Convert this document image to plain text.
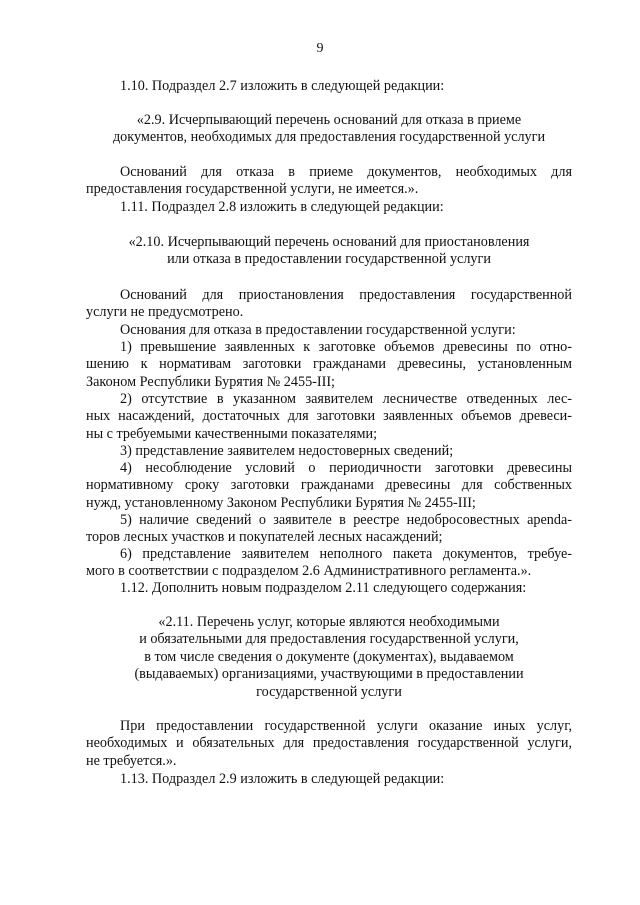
9
1.10. Подраздел 2.7 изложить в следующей редакции:
«2.9. Исчерпывающий перечень оснований для отказа в приеме
документов, необходимых для предоставления государственной услуги
Оснований для отказа в приеме документов, необходимых для
предоставления государственной услуги, не имеется.».
1.11. Подраздел 2.8 изложить в следующей редакции:
«2.10. Исчерпывающий перечень оснований для приостановления
или отказа в предоставлении государственной услуги
Оснований для приостановления предоставления государственной
услуги не предусмотрено.
Основания для отказа в предоставлении государственной услуги:
1) превышение заявленных к заготовке объемов древесины по отно-
шению к нормативам заготовки гражданами древесины, установленным
Законом Республики Бурятия № 2455-III;
2) отсутствие в указанном заявителем лесничестве отведенных лес-
ных насаждений, достаточных для заготовки заявленных объемов древеси-
ны с требуемыми качественными показателями;
3) представление заявителем недостоверных сведений;
4) несоблюдение условий о периодичности заготовки древесины
нормативному сроку заготовки гражданами древесины для собственных
нужд, установленному Законом Республики Бурятия № 2455-III;
5) наличие сведений о заявителе в реестре недобросовестных арenda-
торов лесных участков и покупателей лесных насаждений;
6) представление заявителем неполного пакета документов, требуе-
мого в соответствии с подразделом 2.6 Административного регламента.».
1.12. Дополнить новым подразделом 2.11 следующего содержания:
«2.11. Перечень услуг, которые являются необходимыми
и обязательными для предоставления государственной услуги,
в том числе сведения о документе (документах), выдаваемом
(выдаваемых) организациями, участвующими в предоставлении
государственной услуги
При предоставлении государственной услуги оказание иных услуг,
необходимых и обязательных для предоставления государственной услуги,
не требуется.».
1.13. Подраздел 2.9 изложить в следующей редакции:
